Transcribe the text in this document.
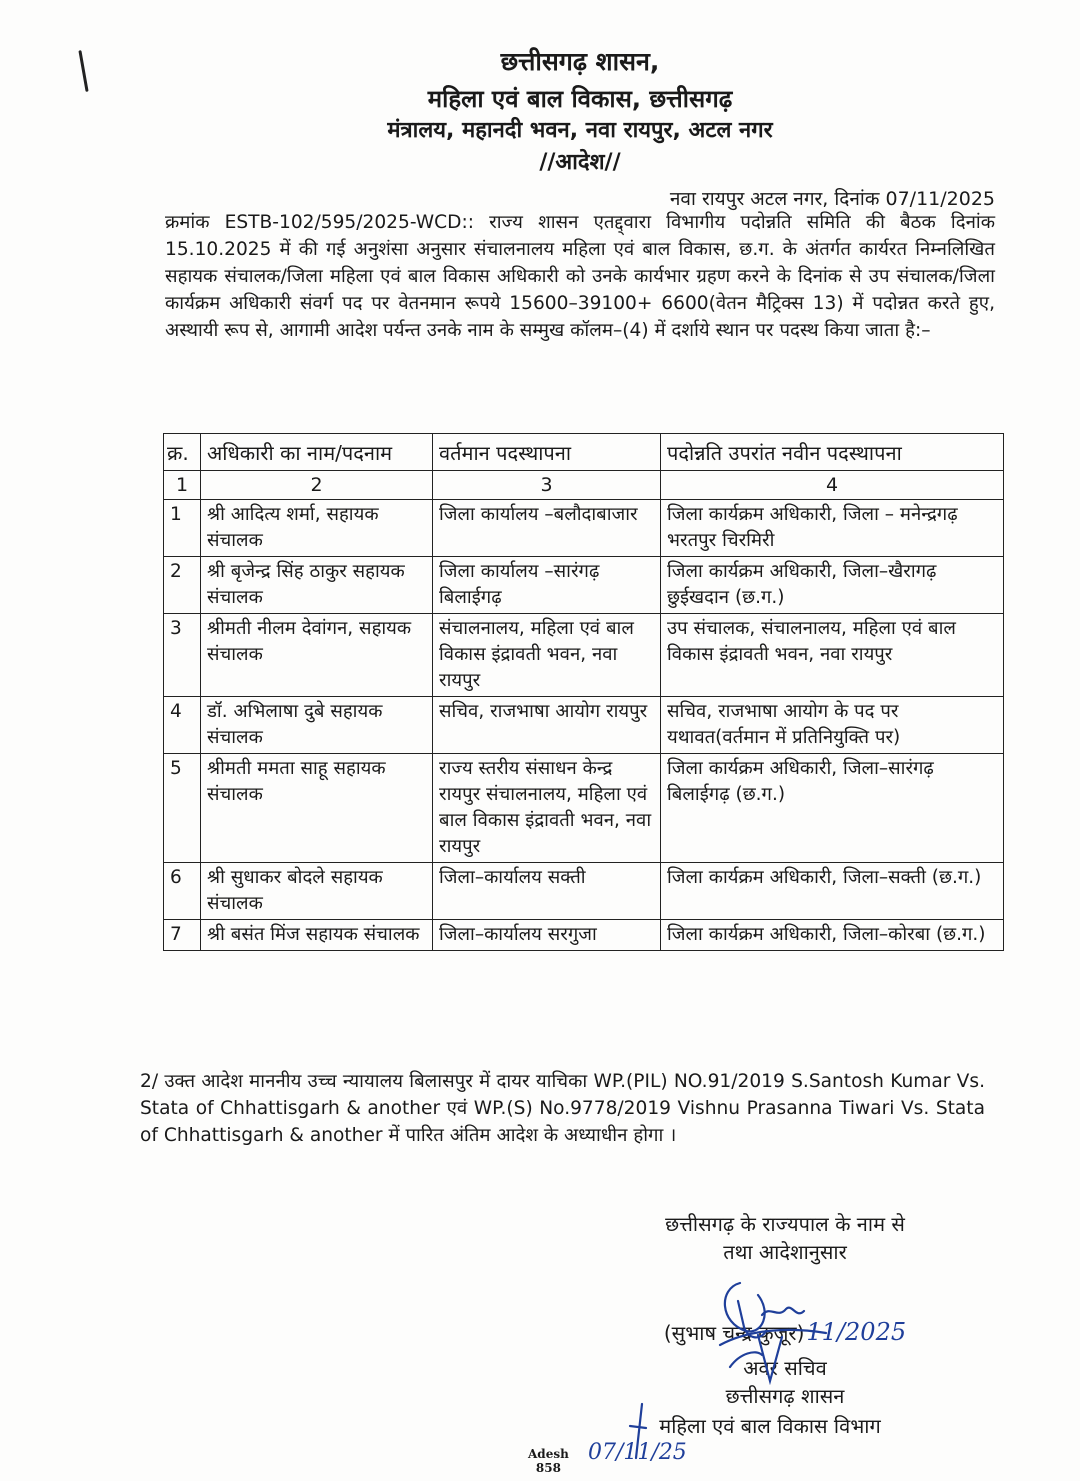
छत्तीसगढ़ शासन,
महिला एवं बाल विकास, छत्तीसगढ़
मंत्रालय, महानदी भवन, नवा रायपुर, अटल नगर
//आदेश//
नवा रायपुर अटल नगर, दिनांक 07/11/2025
क्रमांक ESTB-102/595/2025-WCD:: राज्य शासन एतद्द्वारा विभागीय पदोन्नति समिति की बैठक दिनांक 15.10.2025 में की गई अनुशंसा अनुसार संचालनालय महिला एवं बाल विकास, छ.ग. के अंतर्गत कार्यरत निम्नलिखित सहायक संचालक/जिला महिला एवं बाल विकास अधिकारी को उनके कार्यभार ग्रहण करने के दिनांक से उप संचालक/जिला कार्यक्रम अधिकारी संवर्ग पद पर वेतनमान रूपये 15600–39100+ 6600(वेतन मैट्रिक्स 13) में पदोन्नत करते हुए, अस्थायी रूप से, आगामी आदेश पर्यन्त उनके नाम के सम्मुख कॉलम–(4) में दर्शाये स्थान पर पदस्थ किया जाता है:–
क्र.	अधिकारी का नाम/पदनाम	वर्तमान पदस्थापना	पदोन्नति उपरांत नवीन पदस्थापना
1	2	3	4
1	श्री आदित्य शर्मा, सहायक संचालक	जिला कार्यालय –बलौदाबाजार	जिला कार्यक्रम अधिकारी, जिला – मनेन्द्रगढ़ भरतपुर चिरमिरी
2	श्री बृजेन्द्र सिंह ठाकुर सहायक संचालक	जिला कार्यालय –सारंगढ़ बिलाईगढ़	जिला कार्यक्रम अधिकारी, जिला–खैरागढ़ छुईखदान (छ.ग.)
3	श्रीमती नीलम देवांगन, सहायक संचालक	संचालनालय, महिला एवं बाल विकास इंद्रावती भवन, नवा रायपुर	उप संचालक, संचालनालय, महिला एवं बाल विकास इंद्रावती भवन, नवा रायपुर
4	डॉ. अभिलाषा दुबे सहायक संचालक	सचिव, राजभाषा आयोग रायपुर	सचिव, राजभाषा आयोग के पद पर यथावत(वर्तमान में प्रतिनियुक्ति पर)
5	श्रीमती ममता साहू सहायक संचालक	राज्य स्तरीय संसाधन केन्द्र रायपुर संचालनालय, महिला एवं बाल विकास इंद्रावती भवन, नवा रायपुर	जिला कार्यक्रम अधिकारी, जिला–सारंगढ़ बिलाईगढ़ (छ.ग.)
6	श्री सुधाकर बोदले सहायक संचालक	जिला–कार्यालय सक्ती	जिला कार्यक्रम अधिकारी, जिला–सक्ती (छ.ग.)
7	श्री बसंत मिंज सहायक संचालक	जिला–कार्यालय सरगुजा	जिला कार्यक्रम अधिकारी, जिला–कोरबा (छ.ग.)
2/ उक्त आदेश माननीय उच्च न्यायालय बिलासपुर में दायर याचिका WP.(PIL) NO.91/2019 S.Santosh Kumar Vs. Stata of Chhattisgarh & another एवं WP.(S) No.9778/2019 Vishnu Prasanna Tiwari Vs. Stata of Chhattisgarh & another में पारित अंतिम आदेश के अध्याधीन होगा ।
छत्तीसगढ़ के राज्यपाल के नाम से
तथा आदेशानुसार
(सुभाष चन्द्र कुजूर)11/2025
अवर सचिव
छत्तीसगढ़ शासन
महिला एवं बाल विकास विभाग
Adesh
858
07/11/25
